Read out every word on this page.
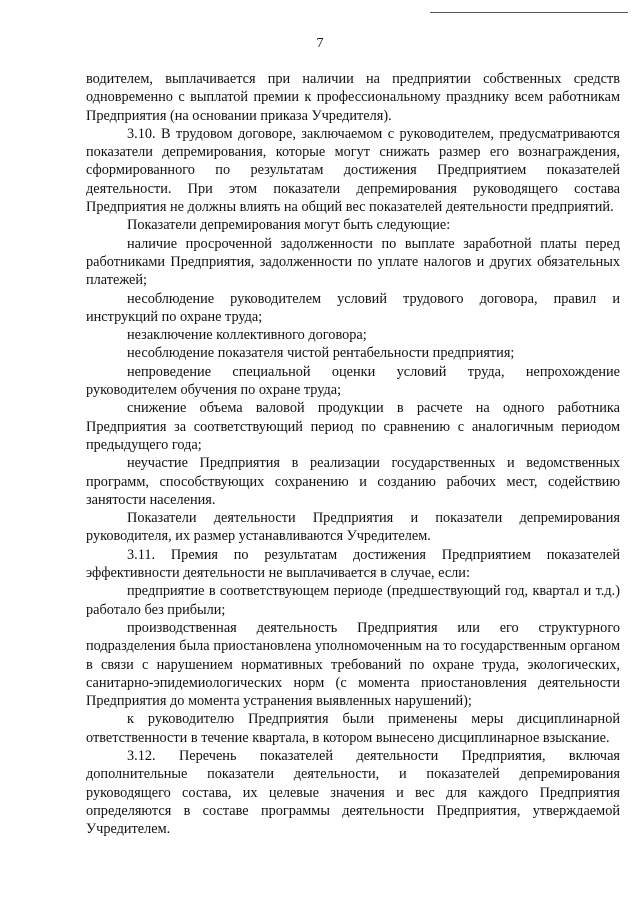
7

водителем, выплачивается при наличии на предприятии собственных средств одновременно с выплатой премии к профессиональному празднику всем работникам Предприятия (на основании приказа Учредителя).

3.10. В трудовом договоре, заключаемом с руководителем, предусматриваются показатели депремирования, которые могут снижать размер его вознаграждения, сформированного по результатам достижения Предприятием показателей деятельности. При этом показатели депремирования руководящего состава Предприятия не должны влиять на общий вес показателей деятельности предприятий.

Показатели депремирования могут быть следующие:

наличие просроченной задолженности по выплате заработной платы перед работниками Предприятия, задолженности по уплате налогов и других обязательных платежей;

несоблюдение руководителем условий трудового договора, правил и инструкций по охране труда;

незаключение коллективного договора;

несоблюдение показателя чистой рентабельности предприятия;

непроведение специальной оценки условий труда, непрохождение руководителем обучения по охране труда;

снижение объема валовой продукции в расчете на одного работника Предприятия за соответствующий период по сравнению с аналогичным периодом предыдущего года;

неучастие Предприятия в реализации государственных и ведомственных программ, способствующих сохранению и созданию рабочих мест, содействию занятости населения.

Показатели деятельности Предприятия и показатели депремирования руководителя, их размер устанавливаются Учредителем.

3.11. Премия по результатам достижения Предприятием показателей эффективности деятельности не выплачивается в случае, если:

предприятие в соответствующем периоде (предшествующий год, квартал и т.д.) работало без прибыли;

производственная деятельность Предприятия или его структурного подразделения была приостановлена уполномоченным на то государственным органом в связи с нарушением нормативных требований по охране труда, экологических, санитарно-эпидемиологических норм (с момента приостановления деятельности Предприятия до момента устранения выявленных нарушений);

к руководителю Предприятия были применены меры дисциплинарной ответственности в течение квартала, в котором вынесено дисциплинарное взыскание.

3.12. Перечень показателей деятельности Предприятия, включая дополнительные показатели деятельности, и показателей депремирования руководящего состава, их целевые значения и вес для каждого Предприятия определяются в составе программы деятельности Предприятия, утверждаемой Учредителем.
